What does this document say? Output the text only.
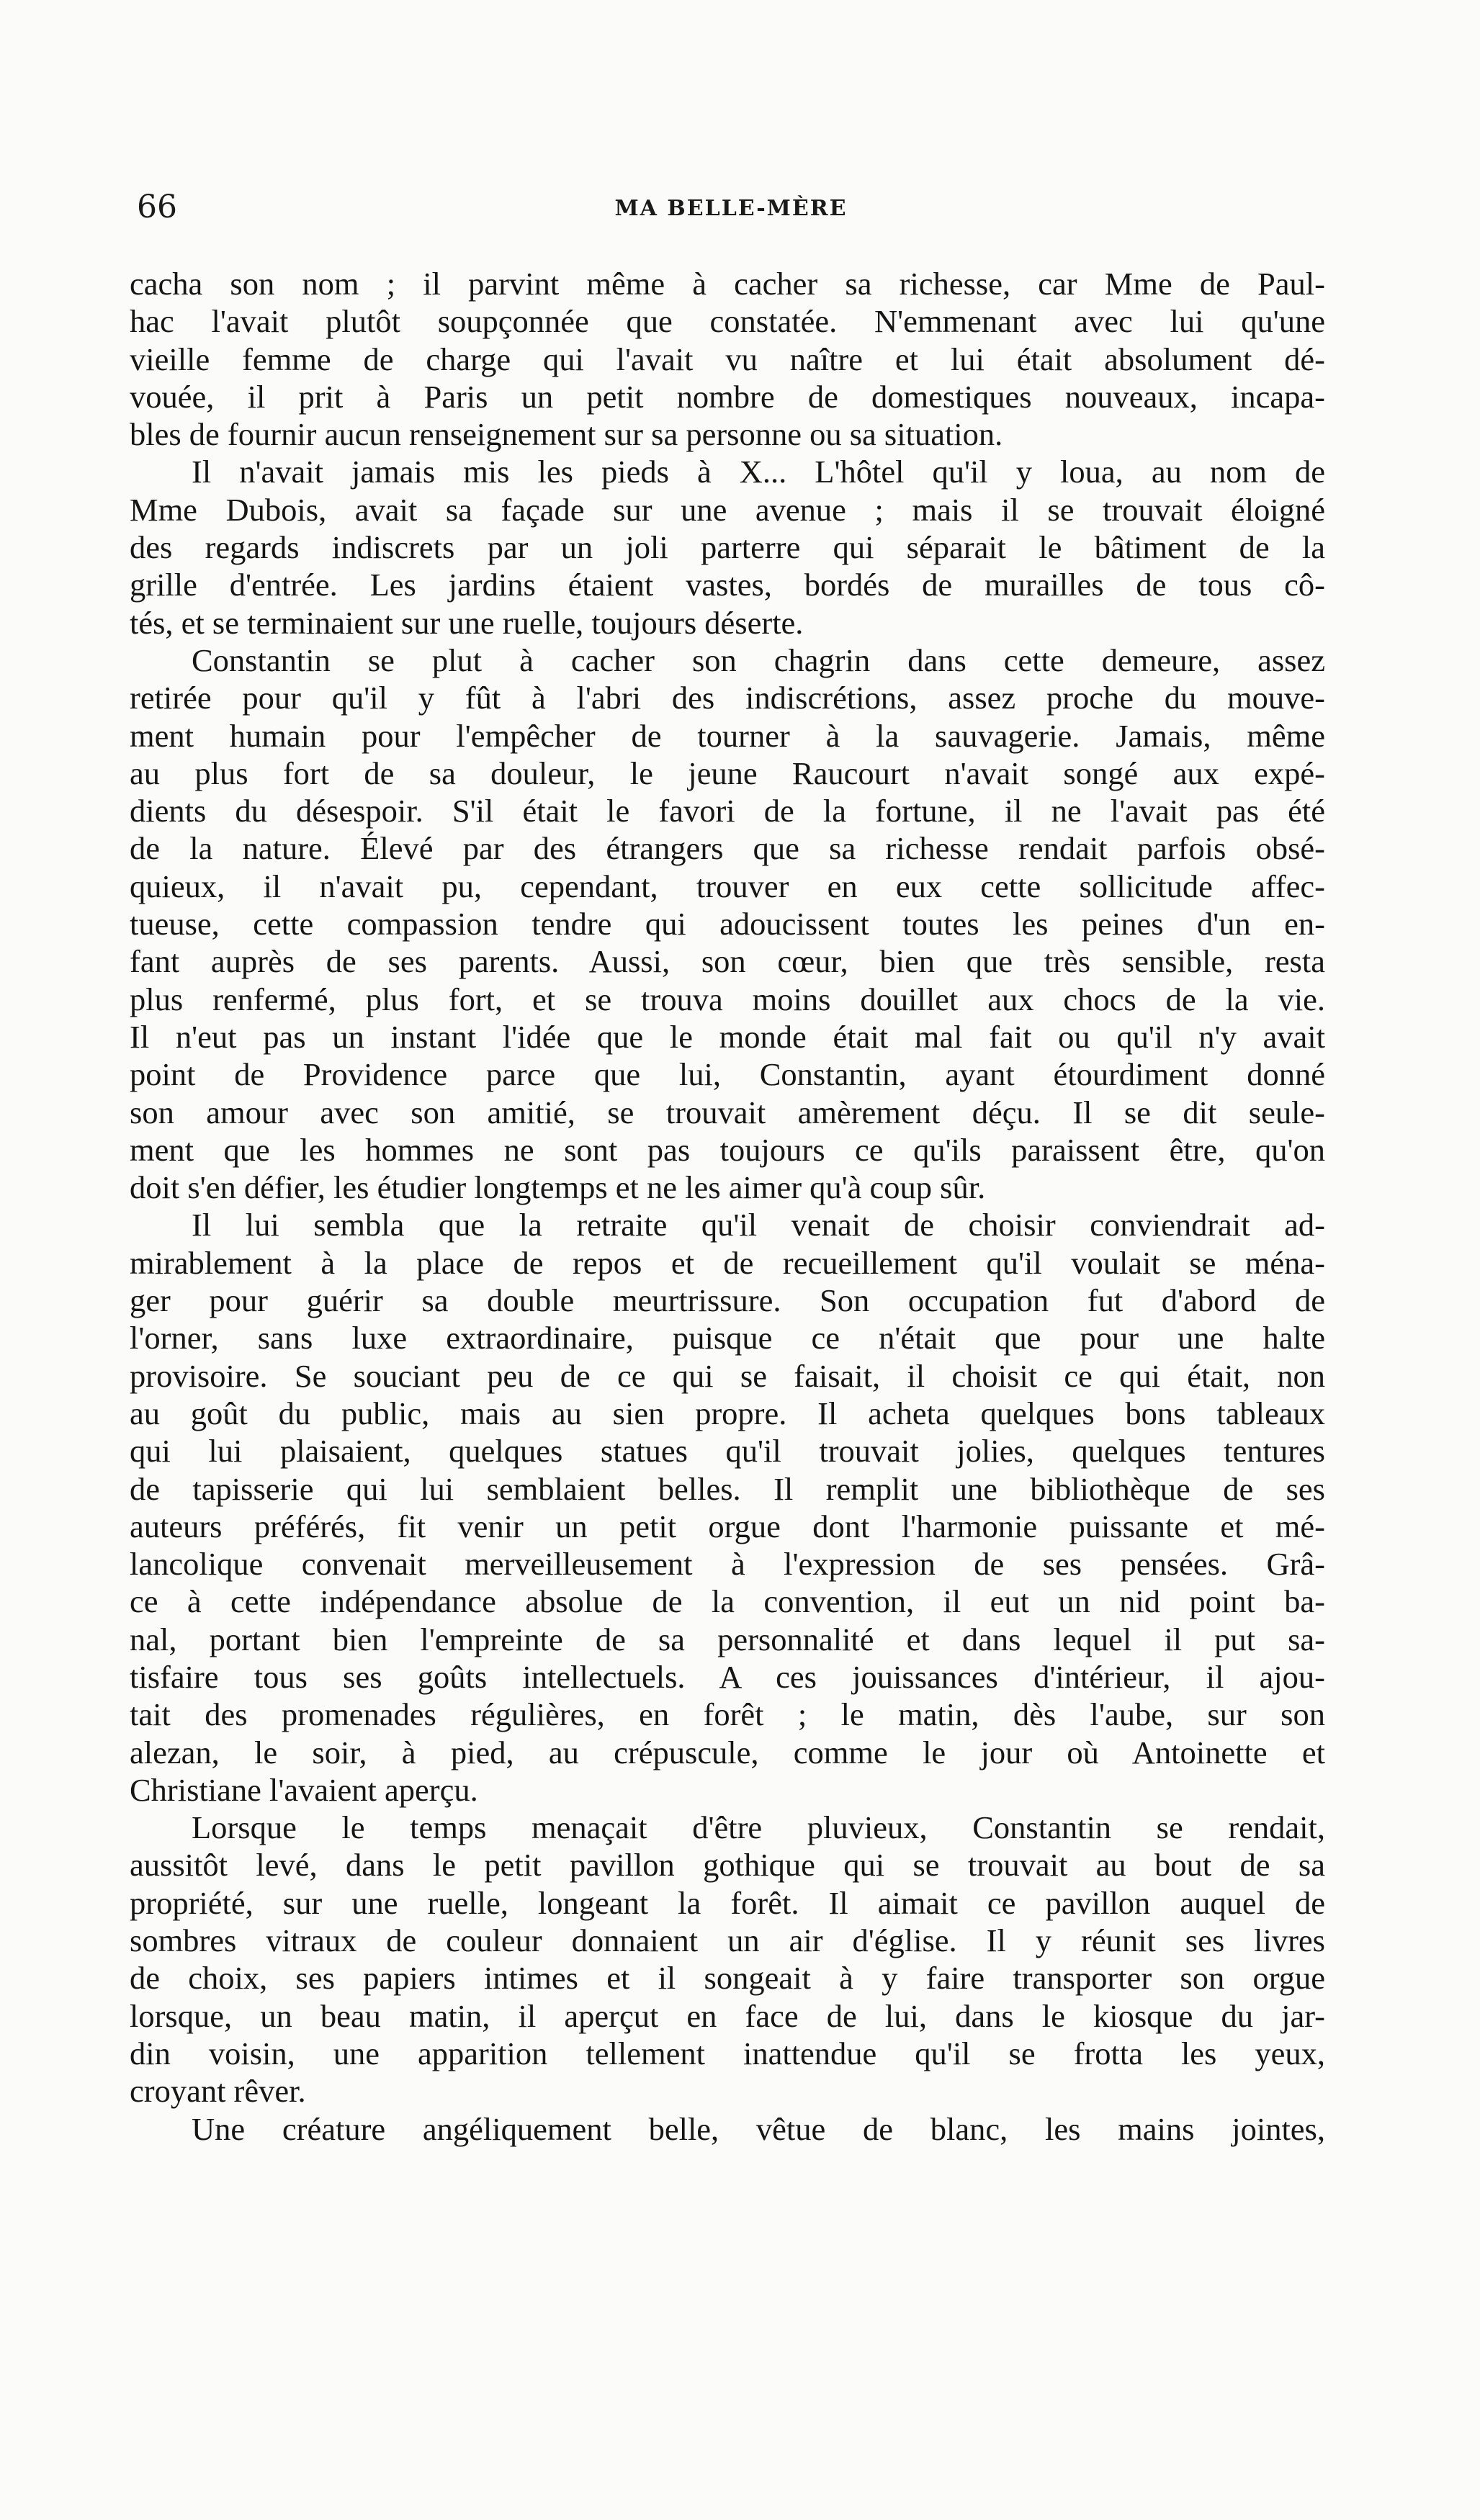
66	MA BELLE-MÈRE
cacha son nom ; il parvint même à cacher sa richesse, car Mme de Paul-
hac l'avait plutôt soupçonnée que constatée. N'emmenant avec lui qu'une
vieille femme de charge qui l'avait vu naître et lui était absolument dé-
vouée, il prit à Paris un petit nombre de domestiques nouveaux, incapa-
bles de fournir aucun renseignement sur sa personne ou sa situation.
Il n'avait jamais mis les pieds à X... L'hôtel qu'il y loua, au nom de
Mme Dubois, avait sa façade sur une avenue ; mais il se trouvait éloigné
des regards indiscrets par un joli parterre qui séparait le bâtiment de la
grille d'entrée. Les jardins étaient vastes, bordés de murailles de tous cô-
tés, et se terminaient sur une ruelle, toujours déserte.
Constantin se plut à cacher son chagrin dans cette demeure, assez
retirée pour qu'il y fût à l'abri des indiscrétions, assez proche du mouve-
ment humain pour l'empêcher de tourner à la sauvagerie. Jamais, même
au plus fort de sa douleur, le jeune Raucourt n'avait songé aux expé-
dients du désespoir. S'il était le favori de la fortune, il ne l'avait pas été
de la nature. Élevé par des étrangers que sa richesse rendait parfois obsé-
quieux, il n'avait pu, cependant, trouver en eux cette sollicitude affec-
tueuse, cette compassion tendre qui adoucissent toutes les peines d'un en-
fant auprès de ses parents. Aussi, son cœur, bien que très sensible, resta
plus renfermé, plus fort, et se trouva moins douillet aux chocs de la vie.
Il n'eut pas un instant l'idée que le monde était mal fait ou qu'il n'y avait
point de Providence parce que lui, Constantin, ayant étourdiment donné
son amour avec son amitié, se trouvait amèrement déçu. Il se dit seule-
ment que les hommes ne sont pas toujours ce qu'ils paraissent être, qu'on
doit s'en défier, les étudier longtemps et ne les aimer qu'à coup sûr.
Il lui sembla que la retraite qu'il venait de choisir conviendrait ad-
mirablement à la place de repos et de recueillement qu'il voulait se ména-
ger pour guérir sa double meurtrissure. Son occupation fut d'abord de
l'orner, sans luxe extraordinaire, puisque ce n'était que pour une halte
provisoire. Se souciant peu de ce qui se faisait, il choisit ce qui était, non
au goût du public, mais au sien propre. Il acheta quelques bons tableaux
qui lui plaisaient, quelques statues qu'il trouvait jolies, quelques tentures
de tapisserie qui lui semblaient belles. Il remplit une bibliothèque de ses
auteurs préférés, fit venir un petit orgue dont l'harmonie puissante et mé-
lancolique convenait merveilleusement à l'expression de ses pensées. Grâ-
ce à cette indépendance absolue de la convention, il eut un nid point ba-
nal, portant bien l'empreinte de sa personnalité et dans lequel il put sa-
tisfaire tous ses goûts intellectuels. A ces jouissances d'intérieur, il ajou-
tait des promenades régulières, en forêt ; le matin, dès l'aube, sur son
alezan, le soir, à pied, au crépuscule, comme le jour où Antoinette et
Christiane l'avaient aperçu.
Lorsque le temps menaçait d'être pluvieux, Constantin se rendait,
aussitôt levé, dans le petit pavillon gothique qui se trouvait au bout de sa
propriété, sur une ruelle, longeant la forêt. Il aimait ce pavillon auquel de
sombres vitraux de couleur donnaient un air d'église. Il y réunit ses livres
de choix, ses papiers intimes et il songeait à y faire transporter son orgue
lorsque, un beau matin, il aperçut en face de lui, dans le kiosque du jar-
din voisin, une apparition tellement inattendue qu'il se frotta les yeux,
croyant rêver.
Une créature angéliquement belle, vêtue de blanc, les mains jointes,
